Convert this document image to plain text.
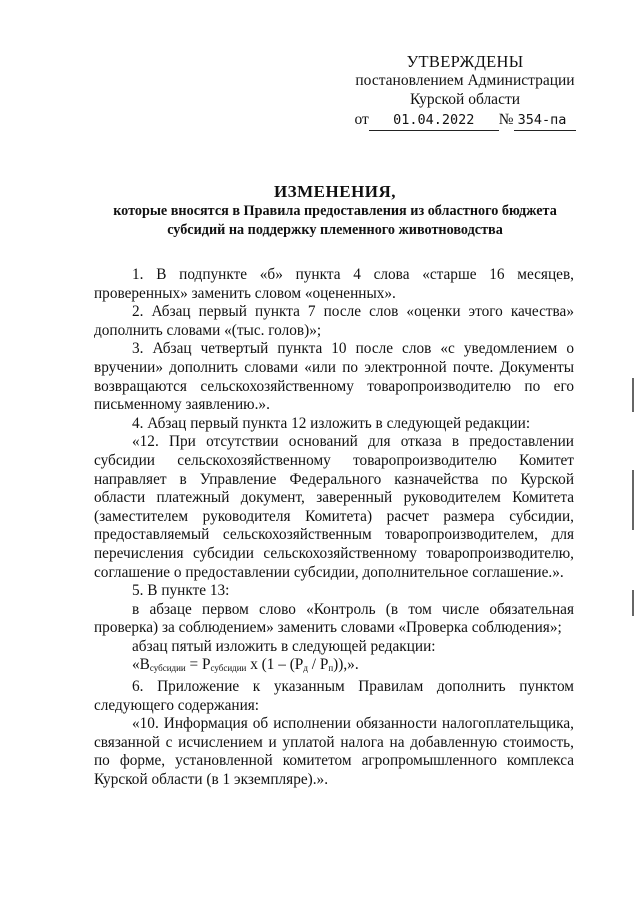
УТВЕРЖДЕНЫ
постановлением Администрации
Курской области
от	01.04.2022	№ 354-па
ИЗМЕНЕНИЯ,
которые вносятся в Правила предоставления из областного бюджета
субсидий на поддержку племенного животноводства

1. В подпункте «б» пункта 4 слова «старше 16 месяцев, проверенных» заменить словом «оцененных».

2. Абзац первый пункта 7 после слов «оценки этого качества» дополнить словами «(тыс. голов)»;

3. Абзац четвертый пункта 10 после слов «с уведомлением о вручении» дополнить словами «или по электронной почте. Документы возвращаются сельскохозяйственному товаропроизводителю по его письменному заявлению.».

4. Абзац первый пункта 12 изложить в следующей редакции:

«12. При отсутствии оснований для отказа в предоставлении субсидии сельскохозяйственному товаропроизводителю Комитет направляет в Управление Федерального казначейства по Курской области платежный документ, заверенный руководителем Комитета (заместителем руководителя Комитета) расчет размера субсидии, предоставляемый сельскохозяйственным товаропроизводителем, для перечисления субсидии сельскохозяйственному товаропроизводителю, соглашение о предоставлении субсидии, дополнительное соглашение.».

5. В пункте 13:

в абзаце первом слово «Контроль (в том числе обязательная проверка) за соблюдением» заменить словами «Проверка соблюдения»;

абзац пятый изложить в следующей редакции:

«Всубсидии = Pсубсидии x (1 – (Pд / Pп)),».

6. Приложение к указанным Правилам дополнить пунктом следующего содержания:

«10. Информация об исполнении обязанности налогоплательщика, связанной с исчислением и уплатой налога на добавленную стоимость, по форме, установленной комитетом агропромышленного комплекса Курской области (в 1 экземпляре).».
